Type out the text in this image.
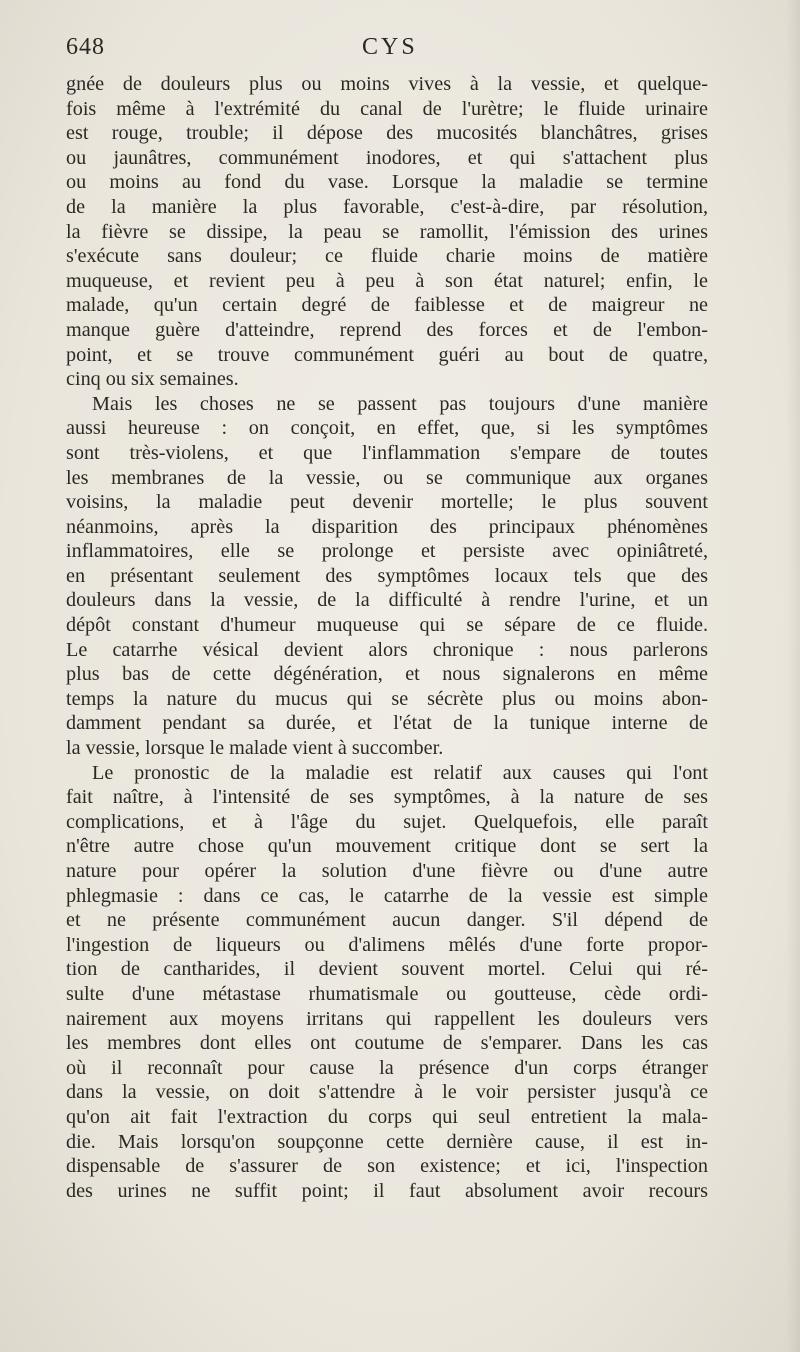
648	CYS
gnée de douleurs plus ou moins vives à la vessie, et quelque-
fois même à l'extrémité du canal de l'urètre; le fluide urinaire
est rouge, trouble; il dépose des mucosités blanchâtres, grises
ou jaunâtres, communément inodores, et qui s'attachent plus
ou moins au fond du vase. Lorsque la maladie se termine
de la manière la plus favorable, c'est-à-dire, par résolution,
la fièvre se dissipe, la peau se ramollit, l'émission des urines
s'exécute sans douleur; ce fluide charie moins de matière
muqueuse, et revient peu à peu à son état naturel; enfin, le
malade, qu'un certain degré de faiblesse et de maigreur ne
manque guère d'atteindre, reprend des forces et de l'embon-
point, et se trouve communément guéri au bout de quatre,
cinq ou six semaines.
Mais les choses ne se passent pas toujours d'une manière
aussi heureuse : on conçoit, en effet, que, si les symptômes
sont très-violens, et que l'inflammation s'empare de toutes
les membranes de la vessie, ou se communique aux organes
voisins, la maladie peut devenir mortelle; le plus souvent
néanmoins, après la disparition des principaux phénomènes
inflammatoires, elle se prolonge et persiste avec opiniâtreté,
en présentant seulement des symptômes locaux tels que des
douleurs dans la vessie, de la difficulté à rendre l'urine, et un
dépôt constant d'humeur muqueuse qui se sépare de ce fluide.
Le catarrhe vésical devient alors chronique : nous parlerons
plus bas de cette dégénération, et nous signalerons en même
temps la nature du mucus qui se sécrète plus ou moins abon-
damment pendant sa durée, et l'état de la tunique interne de
la vessie, lorsque le malade vient à succomber.
Le pronostic de la maladie est relatif aux causes qui l'ont
fait naître, à l'intensité de ses symptômes, à la nature de ses
complications, et à l'âge du sujet. Quelquefois, elle paraît
n'être autre chose qu'un mouvement critique dont se sert la
nature pour opérer la solution d'une fièvre ou d'une autre
phlegmasie : dans ce cas, le catarrhe de la vessie est simple
et ne présente communément aucun danger. S'il dépend de
l'ingestion de liqueurs ou d'alimens mêlés d'une forte propor-
tion de cantharides, il devient souvent mortel. Celui qui ré-
sulte d'une métastase rhumatismale ou goutteuse, cède ordi-
nairement aux moyens irritans qui rappellent les douleurs vers
les membres dont elles ont coutume de s'emparer. Dans les cas
où il reconnaît pour cause la présence d'un corps étranger
dans la vessie, on doit s'attendre à le voir persister jusqu'à ce
qu'on ait fait l'extraction du corps qui seul entretient la mala-
die. Mais lorsqu'on soupçonne cette dernière cause, il est in-
dispensable de s'assurer de son existence; et ici, l'inspection
des urines ne suffit point; il faut absolument avoir recours
